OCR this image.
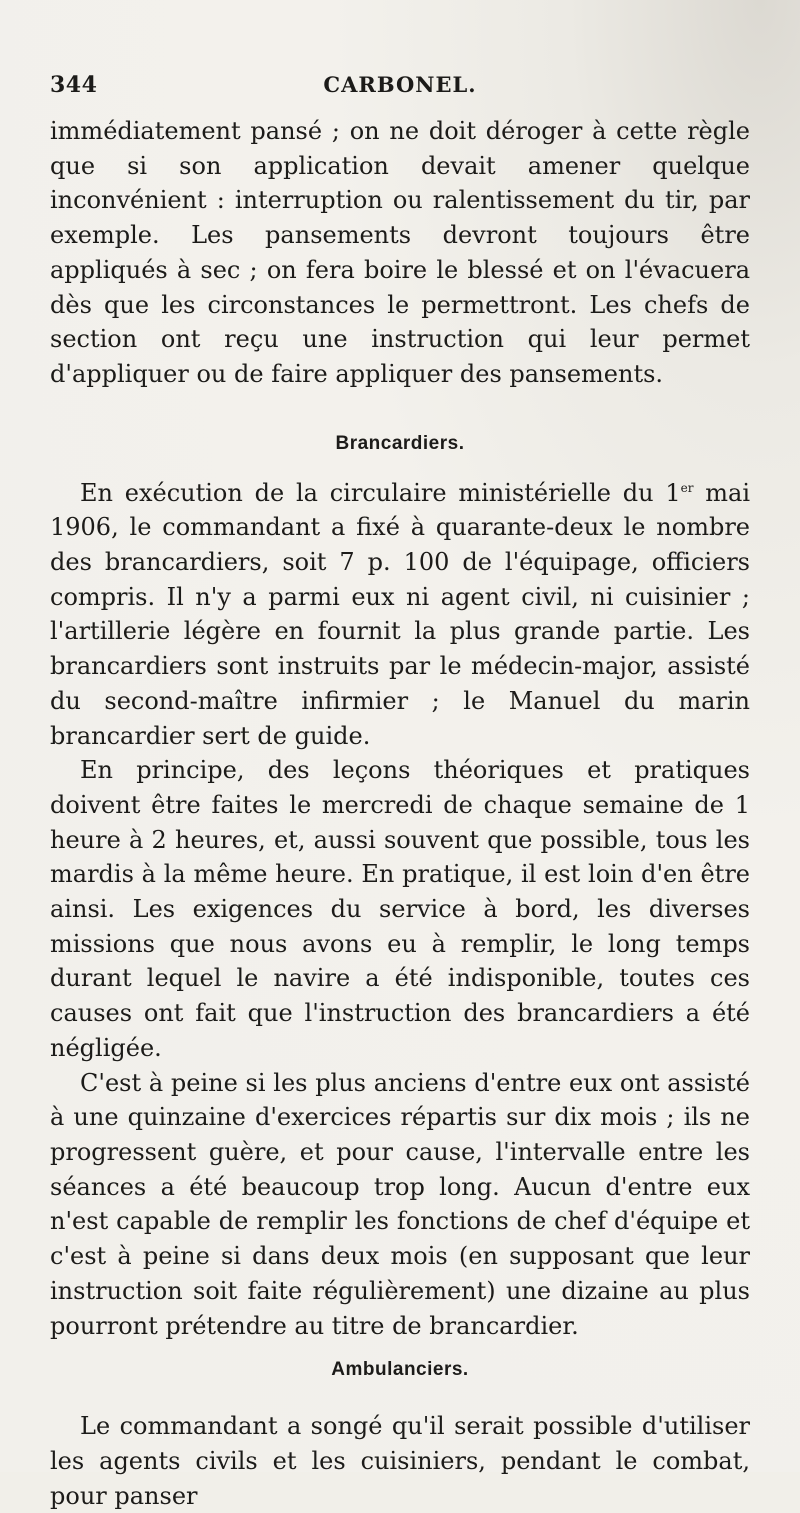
344	CARBONEL.

immédiatement pansé ; on ne doit déroger à cette règle que si son application devait amener quelque inconvénient : interruption ou ralentissement du tir, par exemple. Les pansements devront toujours être appliqués à sec ; on fera boire le blessé et on l'évacuera dès que les circonstances le permettront. Les chefs de section ont reçu une instruction qui leur permet d'appliquer ou de faire appliquer des pansements.

Brancardiers.

En exécution de la circulaire ministérielle du 1er mai 1906, le commandant a fixé à quarante-deux le nombre des brancardiers, soit 7 p. 100 de l'équipage, officiers compris. Il n'y a parmi eux ni agent civil, ni cuisinier ; l'artillerie légère en fournit la plus grande partie. Les brancardiers sont instruits par le médecin-major, assisté du second-maître infirmier ; le Manuel du marin brancardier sert de guide.

En principe, des leçons théoriques et pratiques doivent être faites le mercredi de chaque semaine de 1 heure à 2 heures, et, aussi souvent que possible, tous les mardis à la même heure. En pratique, il est loin d'en être ainsi. Les exigences du service à bord, les diverses missions que nous avons eu à remplir, le long temps durant lequel le navire a été indisponible, toutes ces causes ont fait que l'instruction des brancardiers a été négligée.

C'est à peine si les plus anciens d'entre eux ont assisté à une quinzaine d'exercices répartis sur dix mois ; ils ne progressent guère, et pour cause, l'intervalle entre les séances a été beaucoup trop long. Aucun d'entre eux n'est capable de remplir les fonctions de chef d'équipe et c'est à peine si dans deux mois (en supposant que leur instruction soit faite régulièrement) une dizaine au plus pourront prétendre au titre de brancardier.

Ambulanciers.

Le commandant a songé qu'il serait possible d'utiliser les agents civils et les cuisiniers, pendant le combat, pour panser
